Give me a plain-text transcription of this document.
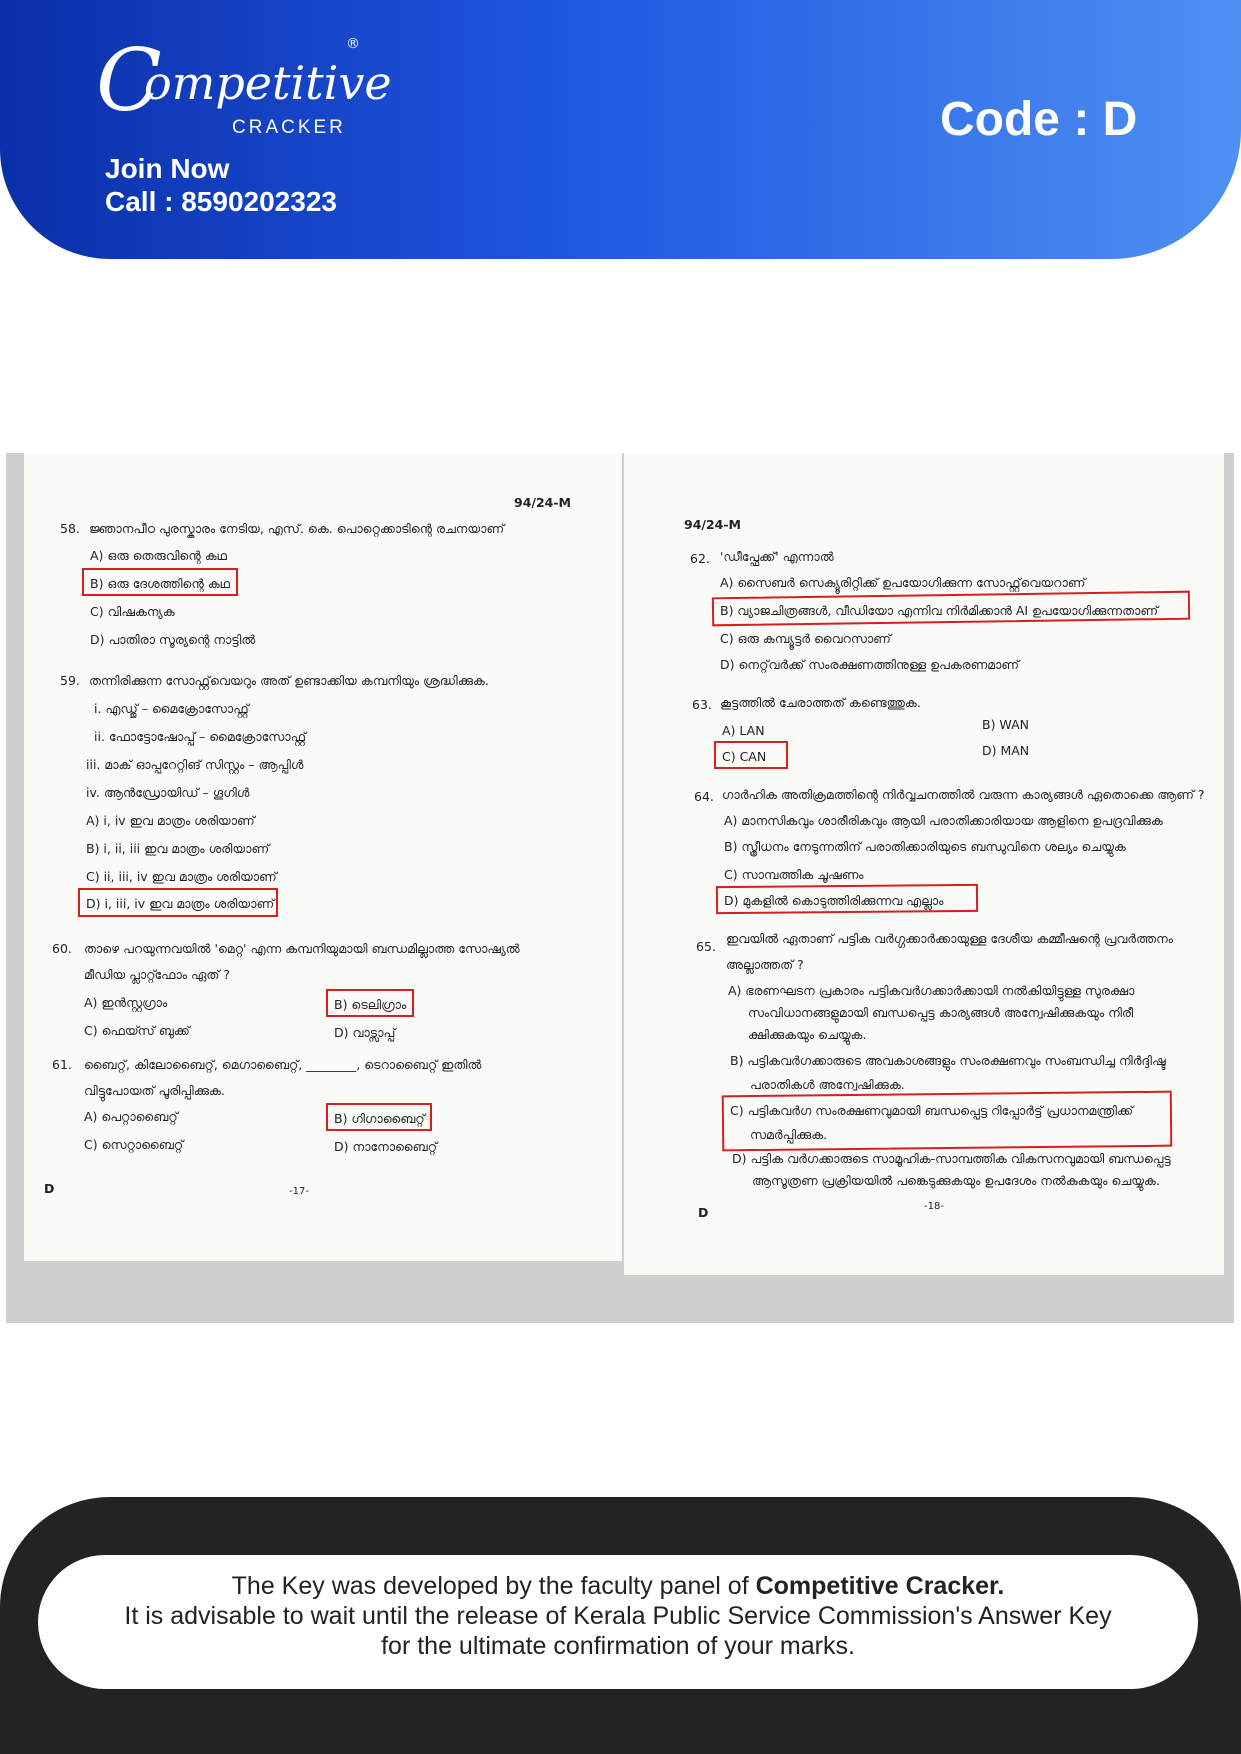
C
ompetitive
CRACKER
®
Join Now
Call : 8590202323
Code : D
94/24-M
58. ജ്ഞാനപീഠ പുരസ്കാരം നേടിയ, എസ്. കെ. പൊറ്റെക്കാടിന്റെ രചനയാണ്
A) ഒരു തെരുവിന്റെ കഥ
B) ഒരു ദേശത്തിന്റെ കഥ
C) വിഷകന്യക
D) പാതിരാ സൂര്യന്റെ നാട്ടിൽ
59. തന്നിരിക്കുന്ന സോഫ്റ്റ്‌വെയറും അത് ഉണ്ടാക്കിയ കമ്പനിയും ശ്രദ്ധിക്കുക.
i. എഡ്ജ് – മൈക്രോസോഫ്റ്റ്
ii. ഫോട്ടോഷോപ്പ് – മൈക്രോസോഫ്റ്റ്
iii. മാക് ഓപ്പറേറ്റിങ് സിസ്റ്റം – ആപ്പിൾ
iv. ആൻഡ്രോയിഡ് – ഗൂഗിൾ
A) i, iv ഇവ മാത്രം ശരിയാണ്
B) i, ii, iii ഇവ മാത്രം ശരിയാണ്
C) ii, iii, iv ഇവ മാത്രം ശരിയാണ്
D) i, iii, iv ഇവ മാത്രം ശരിയാണ്
60. താഴെ പറയുന്നവയിൽ 'മെറ്റ' എന്ന കമ്പനിയുമായി ബന്ധമില്ലാത്ത സോഷ്യൽ
മീഡിയ പ്ലാറ്റ്ഫോം ഏത് ?
A) ഇൻസ്റ്റഗ്രാം	B) ടെലിഗ്രാം
C) ഫെയ്സ് ബുക്ക്	D) വാട്സാപ്പ്
61. ബൈറ്റ്, കിലോബൈറ്റ്, മെഗാബൈറ്റ്, ________, ടെറാബൈറ്റ് ഇതിൽ
വിട്ടുപോയത് പൂരിപ്പിക്കുക.
A) പെറ്റാബൈറ്റ്	B) ഗിഗാബൈറ്റ്
C) സെറ്റാബൈറ്റ്	D) നാനോബൈറ്റ്
D	-17-
94/24-M
62. 'ഡീപ്ഫേക്ക്' എന്നാൽ
A) സൈബർ സെക്യൂരിറ്റിക്ക് ഉപയോഗിക്കുന്ന സോഫ്റ്റ്‌വെയറാണ്
B) വ്യാജചിത്രങ്ങൾ, വീഡിയോ എന്നിവ നിർമിക്കാൻ AI ഉപയോഗിക്കുന്നതാണ്
C) ഒരു കമ്പ്യൂട്ടർ വൈറസാണ്
D) നെറ്റ്‌വർക്ക് സംരക്ഷണത്തിനുള്ള ഉപകരണമാണ്
63. കൂട്ടത്തിൽ ചേരാത്തത് കണ്ടെത്തുക.
A) LAN	B) WAN
C) CAN	D) MAN
64. ഗാർഹിക അതിക്രമത്തിന്റെ നിർവ്വചനത്തിൽ വരുന്ന കാര്യങ്ങൾ ഏതൊക്കെ ആണ് ?
A) മാനസികവും ശാരീരികവും ആയി പരാതിക്കാരിയായ ആളിനെ ഉപദ്രവിക്കുക
B) സ്ത്രീധനം നേടുന്നതിന് പരാതിക്കാരിയുടെ ബന്ധുവിനെ ശല്യം ചെയ്യുക
C) സാമ്പത്തിക ചൂഷണം
D) മുകളിൽ കൊടുത്തിരിക്കുന്നവ എല്ലാം
65.
ഇവയിൽ ഏതാണ് പട്ടിക വർഗ്ഗക്കാർക്കായുള്ള ദേശീയ കമ്മീഷന്റെ പ്രവർത്തനം
അല്ലാത്തത് ?
A) ഭരണഘടന പ്രകാരം പട്ടികവർഗക്കാർക്കായി നൽകിയിട്ടുള്ള സുരക്ഷാ
സംവിധാനങ്ങളുമായി ബന്ധപ്പെട്ട കാര്യങ്ങൾ അന്വേഷിക്കുകയും നിരീ
ക്ഷിക്കുകയും ചെയ്യുക.
B) പട്ടികവർഗക്കാരുടെ അവകാശങ്ങളും സംരക്ഷണവും സംബന്ധിച്ച നിർദ്ദിഷ്ട
പരാതികൾ അന്വേഷിക്കുക.
C) പട്ടികവർഗ സംരക്ഷണവുമായി ബന്ധപ്പെട്ട റിപ്പോർട്ട് പ്രധാനമന്ത്രിക്ക്
സമർപ്പിക്കുക.
D) പട്ടിക വർഗക്കാരുടെ സാമൂഹിക-സാമ്പത്തിക വികസനവുമായി ബന്ധപ്പെട്ട
ആസൂത്രണ പ്രക്രിയയിൽ പങ്കെടുക്കുകയും ഉപദേശം നൽകുകയും ചെയ്യുക.
D	-18-
The Key was developed by the faculty panel of Competitive Cracker.
It is advisable to wait until the release of Kerala Public Service Commission's Answer Key
for the ultimate confirmation of your marks.
